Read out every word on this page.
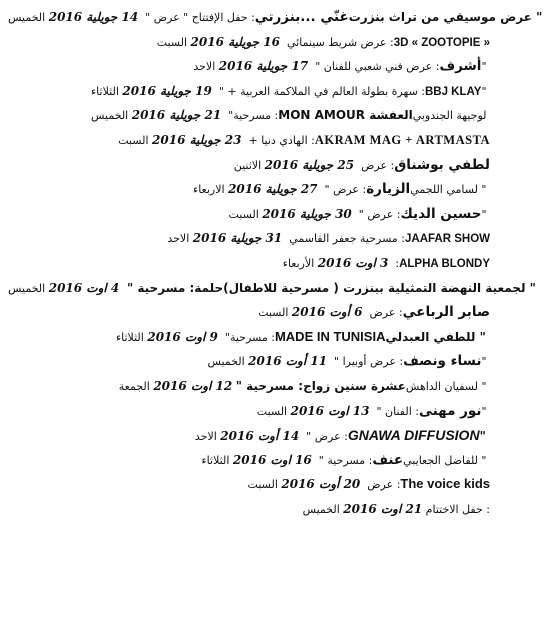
الخميس 14 جويلية 2016 : حفل الإفتتاح " عرض " غنّي ...بنزرتي " عرض موسيقي من تراث بنزرت
السبت 16 جويلية 2016 : عرض شريط سينمائي 3D « ZOOTOPIE »
الاحد 17 جويلية 2016 : عرض فني شعبي للفنان " أشرف "
الثلاثاء 19 جويلية 2016 : سهرة بطولة العالم في الملاكمة العربية + " BBJ KLAY "
الخميس 21 جويلية 2016 : مسرحية" العفشة MON AMOUR لوجيهة الجندوبي
السبت 23 جويلية 2016 : الهادي دنيا + AKRAM MAG + ARTMASTA
الاثنين 25 جويلية 2016 : عرض لطفي بوشناق
الاربعاء 27 جويلية 2016 : عرض " الزيارة " لسامي اللجمي
السبت 30 جويلية 2016 : عرض " حسين الديك "
الاحد 31 جويلية 2016 : مسرحية جعفر القاسمي JAAFAR SHOW
الأربعاء 3 اوت 2016 : ALPHA BLONDY
الخميس 4 اوت 2016 : مسرحية " حلمة " لجمعية النهضة التمثيلية ببنزرت ( مسرحية للاطفال)
السبت 6 أوت 2016 : عرض صابر الرباعي
الثلاثاء 9 اوت 2016 : مسرحية" MADE IN TUNISIA " للطفي العبدلي
الخميس 11 أوت 2016 : عرض أوبيرا " نساء ونصف "
الجمعة 12 اوت 2016 : مسرحية "عشرة سنين زواج " لسفيان الداهش
السبت 13 اوت 2016 : الفنان " نور مهنى "
الاحد 14 أوت 2016 : عرض " GNAWA DIFFUSION "
الثلاثاء 16 اوت 2016 : مسرحية " عنف " للفاضل الجعايبي
السبت 20 أوت 2016 : عرض The voice kids
الخميس 21 اوت 2016 : حفل الاختتام
